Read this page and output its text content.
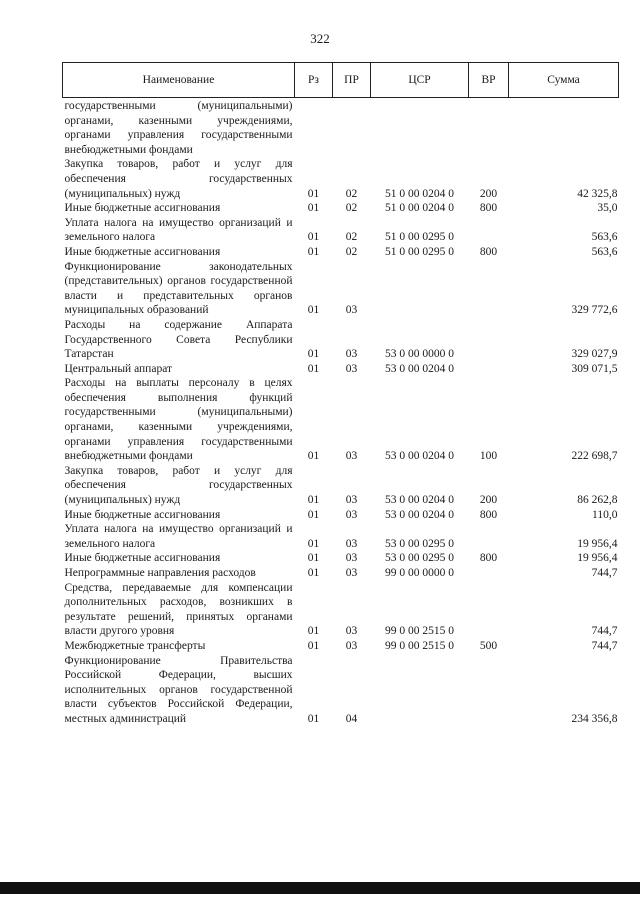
322
Наименование	Рз	ПР	ЦСР	ВР	Сумма
государственными (муниципальными) органами, казенными учреждениями, органами управления государственными внебюджетными фондами					
Закупка товаров, работ и услуг для обеспечения государственных (муниципальных) нужд	01	02	51 0 00 0204 0	200	42 325,8
Иные бюджетные ассигнования	01	02	51 0 00 0204 0	800	35,0
Уплата налога на имущество организаций и земельного налога	01	02	51 0 00 0295 0		563,6
Иные бюджетные ассигнования	01	02	51 0 00 0295 0	800	563,6
Функционирование законодательных (представительных) органов государственной власти и представительных органов муниципальных образований	01	03			329 772,6
Расходы на содержание Аппарата Государственного Совета Республики Татарстан	01	03	53 0 00 0000 0		329 027,9
Центральный аппарат	01	03	53 0 00 0204 0		309 071,5
Расходы на выплаты персоналу в целях обеспечения выполнения функций государственными (муниципальными) органами, казенными учреждениями, органами управления государственными внебюджетными фондами	01	03	53 0 00 0204 0	100	222 698,7
Закупка товаров, работ и услуг для обеспечения государственных (муниципальных) нужд	01	03	53 0 00 0204 0	200	86 262,8
Иные бюджетные ассигнования	01	03	53 0 00 0204 0	800	110,0
Уплата налога на имущество организаций и земельного налога	01	03	53 0 00 0295 0		19 956,4
Иные бюджетные ассигнования	01	03	53 0 00 0295 0	800	19 956,4
Непрограммные направления расходов	01	03	99 0 00 0000 0		744,7
Средства, передаваемые для компенсации дополнительных расходов, возникших в результате решений, принятых органами власти другого уровня	01	03	99 0 00 2515 0		744,7
Межбюджетные трансферты	01	03	99 0 00 2515 0	500	744,7
Функционирование Правительства Российской Федерации, высших исполнительных органов государственной власти субъектов Российской Федерации, местных администраций	01	04			234 356,8
